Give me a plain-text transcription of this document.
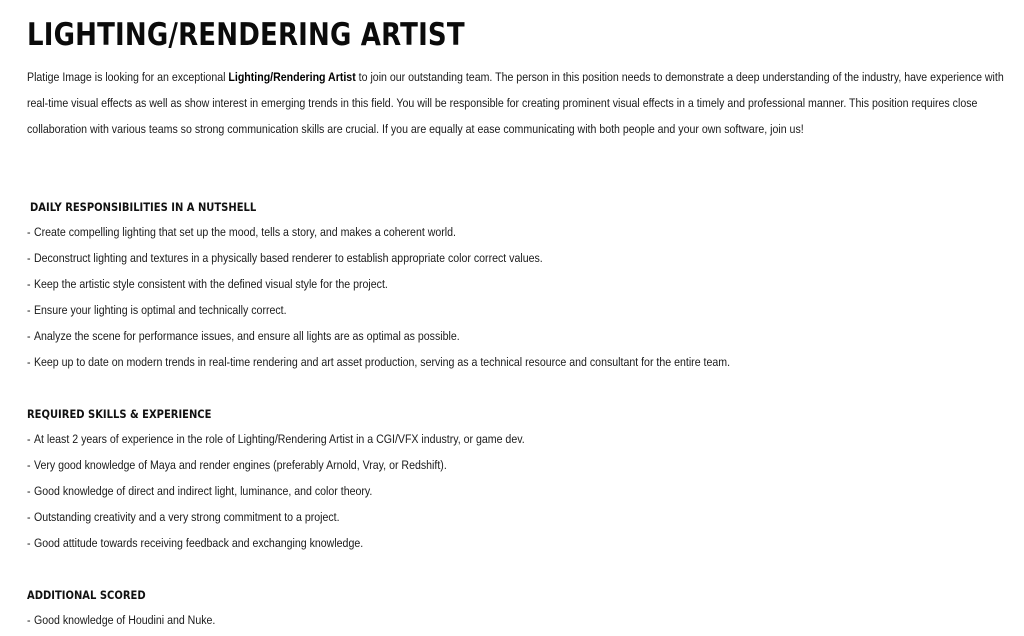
LIGHTING/RENDERING ARTIST

Platige Image is looking for an exceptional Lighting/Rendering Artist to join our outstanding team. The person in this position needs to demonstrate a deep understanding of the industry, have experience with real-time visual effects as well as show interest in emerging trends in this field. You will be responsible for creating prominent visual effects in a timely and professional manner. This position requires close collaboration with various teams so strong communication skills are crucial. If you are equally at ease communicating with both people and your own software, join us!

DAILY RESPONSIBILITIES IN A NUTSHELL
- Create compelling lighting that set up the mood, tells a story, and makes a coherent world.
- Deconstruct lighting and textures in a physically based renderer to establish appropriate color correct values.
- Keep the artistic style consistent with the defined visual style for the project.
- Ensure your lighting is optimal and technically correct.
- Analyze the scene for performance issues, and ensure all lights are as optimal as possible.
- Keep up to date on modern trends in real-time rendering and art asset production, serving as a technical resource and consultant for the entire team.
REQUIRED SKILLS & EXPERIENCE
- At least 2 years of experience in the role of Lighting/Rendering Artist in a CGI/VFX industry, or game dev.
- Very good knowledge of Maya and render engines (preferably Arnold, Vray, or Redshift).
- Good knowledge of direct and indirect light, luminance, and color theory.
- Outstanding creativity and a very strong commitment to a project.
- Good attitude towards receiving feedback and exchanging knowledge.
ADDITIONAL SCORED
- Good knowledge of Houdini and Nuke.
